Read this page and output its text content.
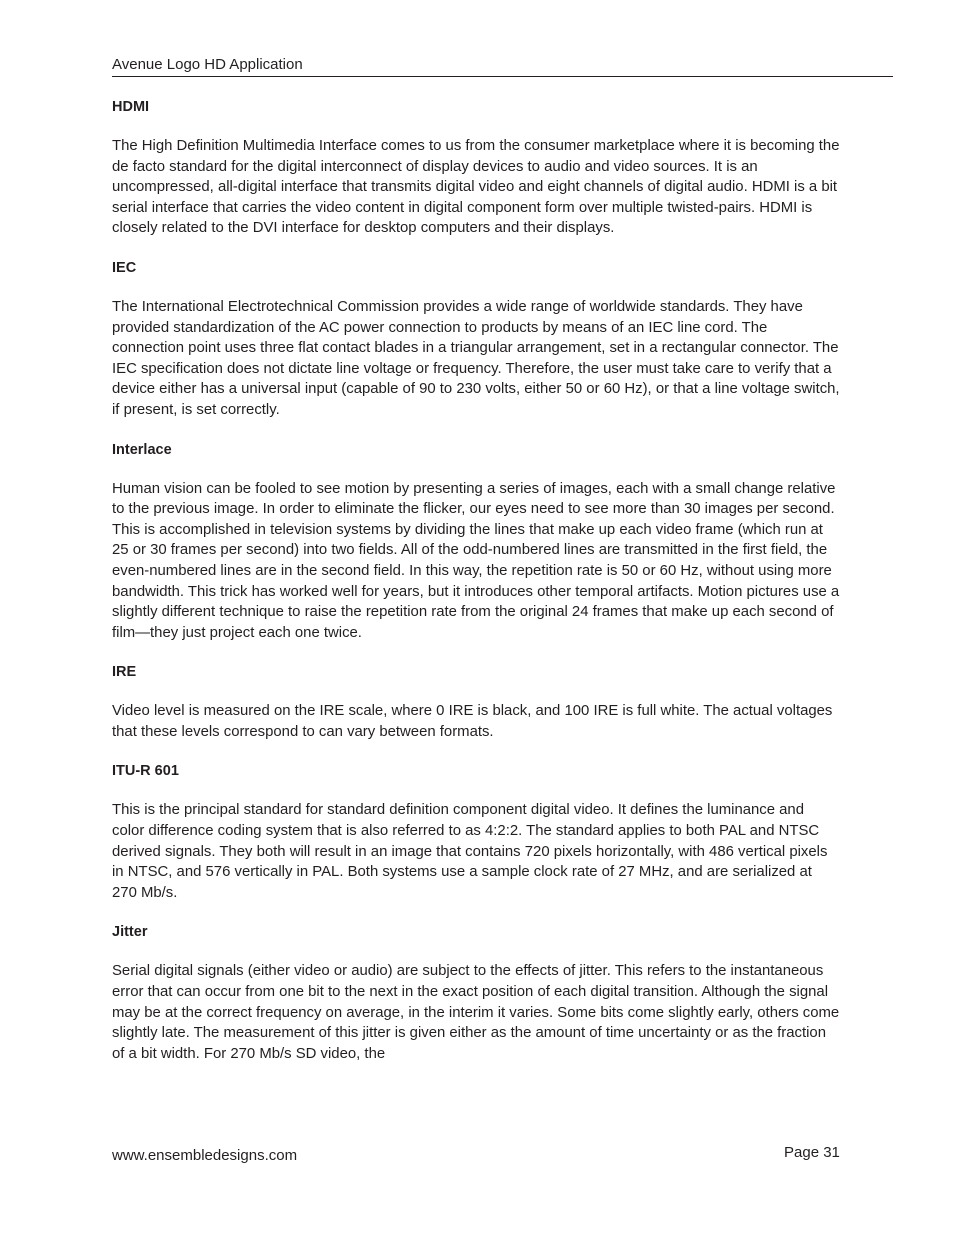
Avenue Logo HD Application
HDMI
The High Definition Multimedia Interface comes to us from the consumer marketplace where it is becoming the de facto standard for the digital interconnect of display devices to audio and video sources. It is an uncompressed, all-digital interface that transmits digital video and eight channels of digital audio. HDMI is a bit serial interface that carries the video content in digital component form over multiple twisted-pairs. HDMI is closely related to the DVI interface for desktop computers and their displays.
IEC
The International Electrotechnical Commission provides a wide range of worldwide standards. They have provided standardization of the AC power connection to products by means of an IEC line cord. The connection point uses three flat contact blades in a triangular arrangement, set in a rectangular connector. The IEC specification does not dictate line voltage or frequency. Therefore, the user must take care to verify that a device either has a universal input (capable of 90 to 230 volts, either 50 or 60 Hz), or that a line voltage switch, if present, is set correctly.
Interlace
Human vision can be fooled to see motion by presenting a series of images, each with a small change relative to the previous image. In order to eliminate the flicker, our eyes need to see more than 30 images per second. This is accomplished in television systems by dividing the lines that make up each video frame (which run at 25 or 30 frames per second) into two fields. All of the odd-numbered lines are transmitted in the first field, the even-numbered lines are in the second field. In this way, the repetition rate is 50 or 60 Hz, without using more bandwidth. This trick has worked well for years, but it introduces other temporal artifacts. Motion pictures use a slightly different technique to raise the repetition rate from the original 24 frames that make up each second of film—they just project each one twice.
IRE
Video level is measured on the IRE scale, where 0 IRE is black, and 100 IRE is full white. The actual voltages that these levels correspond to can vary between formats.
ITU-R 601
This is the principal standard for standard definition component digital video. It defines the luminance and color difference coding system that is also referred to as 4:2:2. The standard applies to both PAL and NTSC derived signals. They both will result in an image that contains 720 pixels horizontally, with 486 vertical pixels in NTSC, and 576 vertically in PAL. Both systems use a sample clock rate of 27 MHz, and are serialized at 270 Mb/s.
Jitter
Serial digital signals (either video or audio) are subject to the effects of jitter. This refers to the instantaneous error that can occur from one bit to the next in the exact position of each digital transition. Although the signal may be at the correct frequency on average, in the interim it varies. Some bits come slightly early, others come slightly late. The measurement of this jitter is given either as the amount of time uncertainty or as the fraction of a bit width. For 270 Mb/s SD video, the
www.ensembledesigns.com	Page 31
